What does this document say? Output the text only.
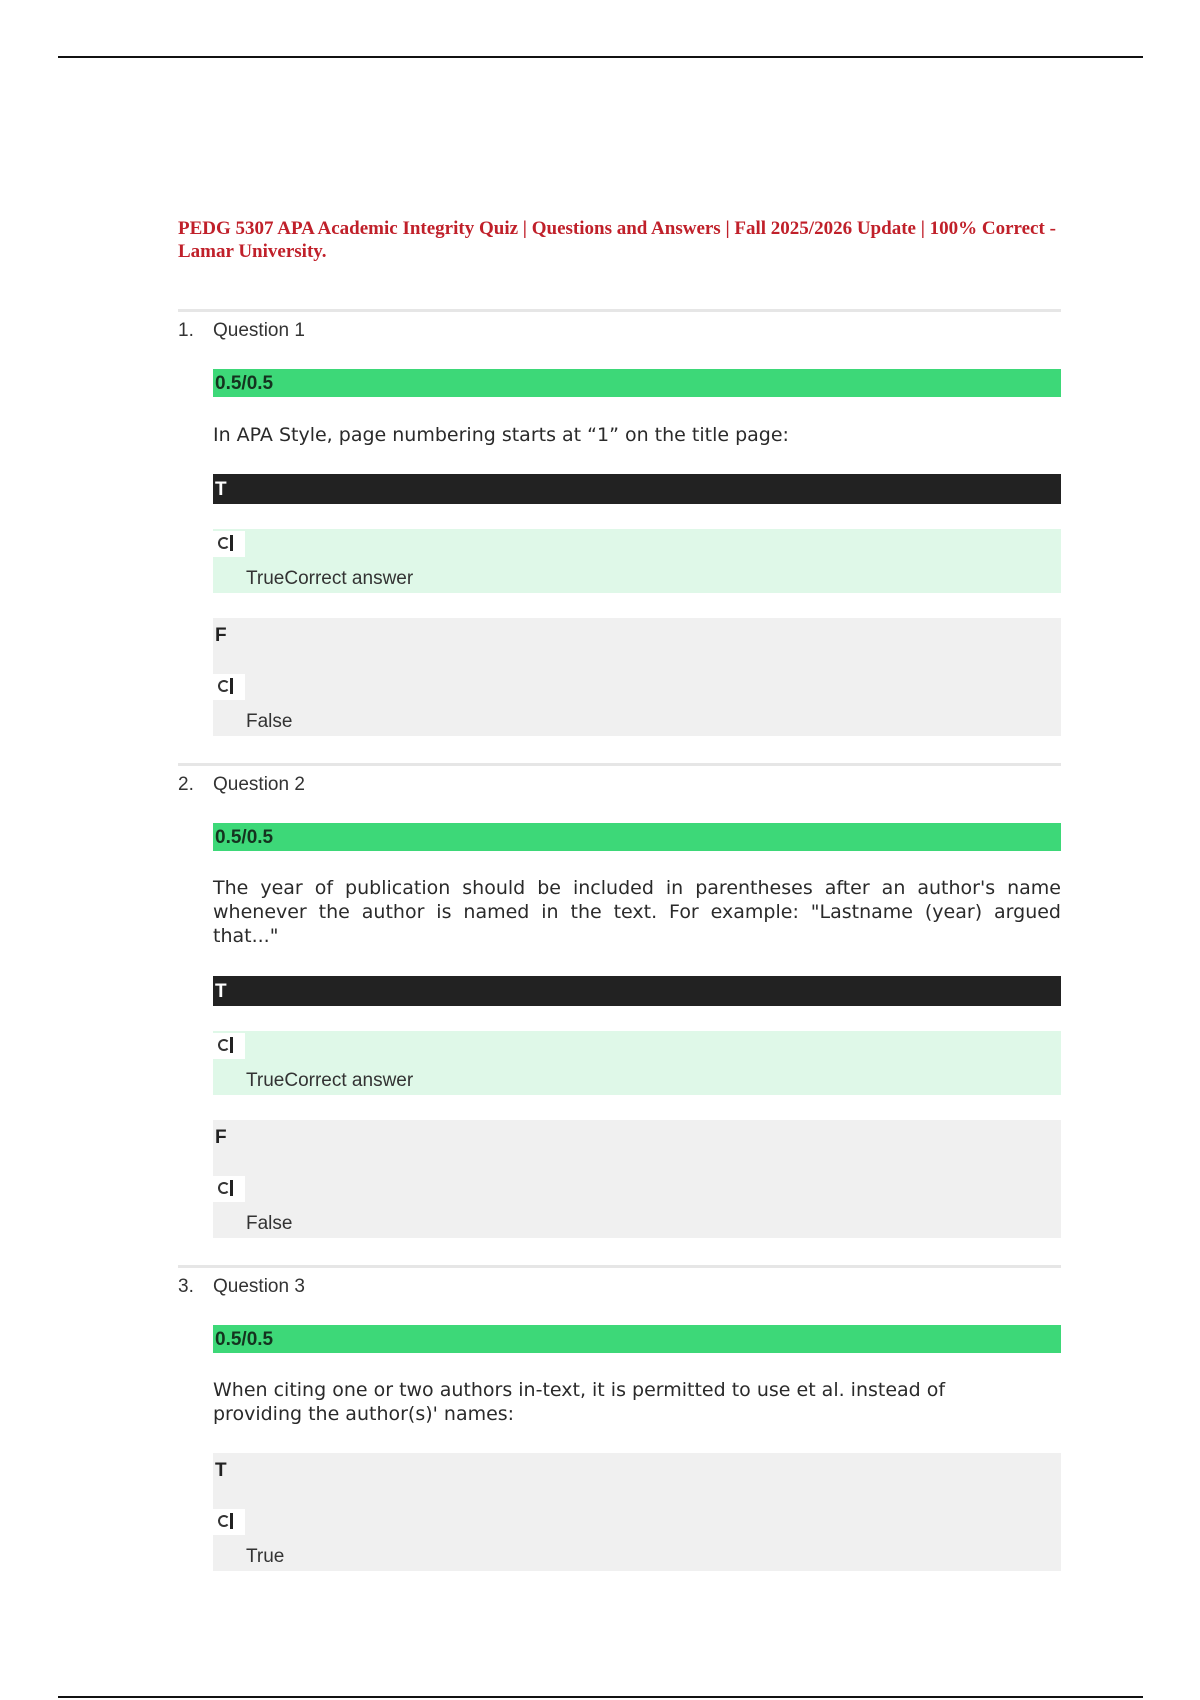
PEDG 5307 APA Academic Integrity Quiz | Questions and Answers | Fall 2025/2026 Update | 100% Correct - Lamar University.
1. Question 1
0.5/0.5

In APA Style, page numbering starts at “1” on the title page:

T
TrueCorrect answer
F
False
2. Question 2
0.5/0.5

The year of publication should be included in parentheses after an author's name whenever the author is named in the text. For example: "Lastname (year) argued that..."

T
TrueCorrect answer
F
False
3. Question 3
0.5/0.5

When citing one or two authors in-text, it is permitted to use et al. instead of providing the author(s)' names:

T
True
